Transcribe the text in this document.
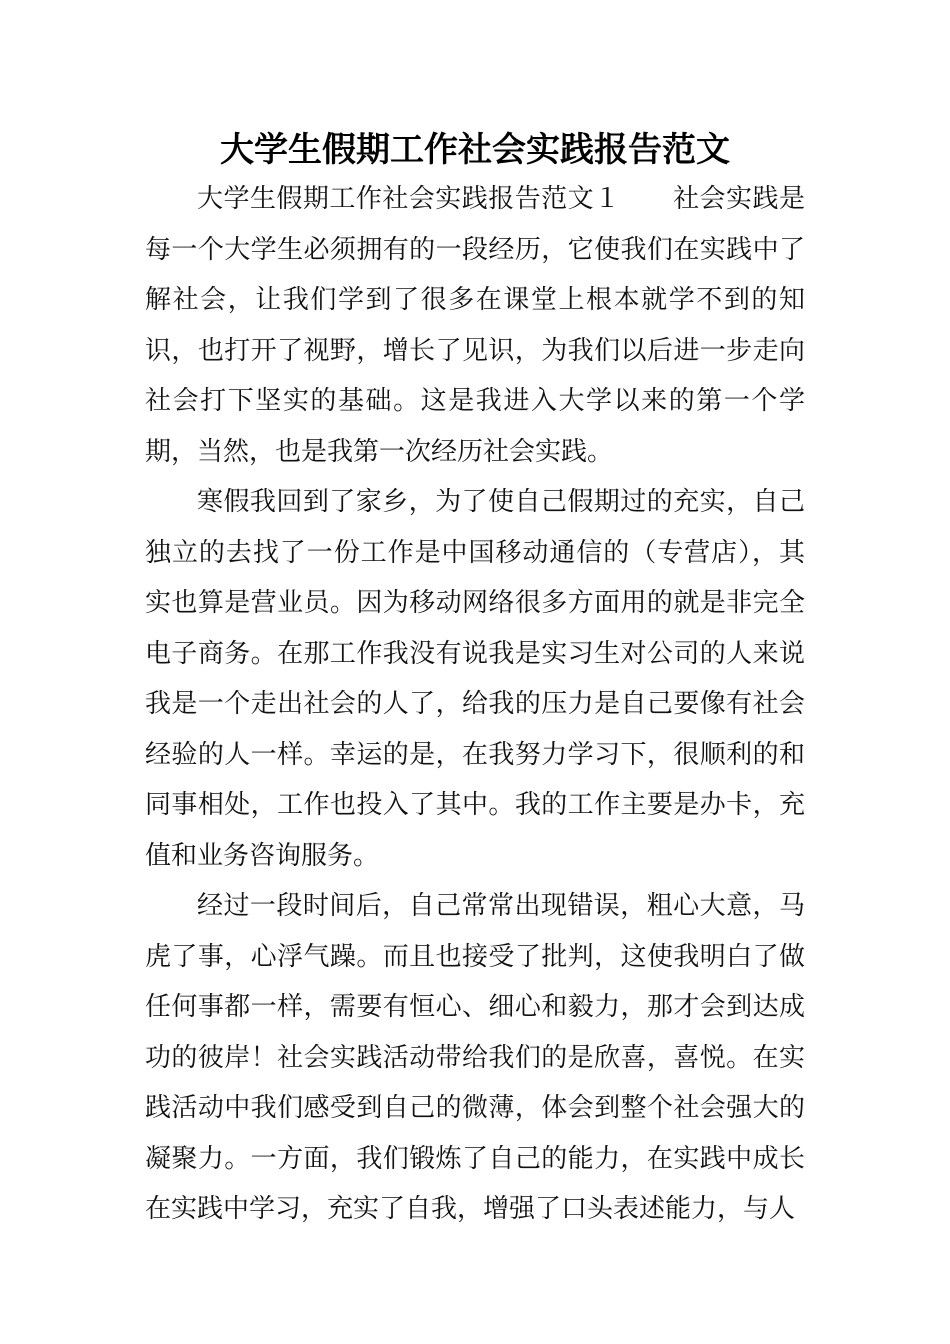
大学生假期工作社会实践报告范文

大学生假期工作社会实践报告范文１ 社会实践是每一个大学生必须拥有的一段经历，它使我们在实践中了解社会，让我们学到了很多在课堂上根本就学不到的知识，也打开了视野，增长了见识，为我们以后进一步走向社会打下坚实的基础。这是我进入大学以来的第一个学期，当然，也是我第一次经历社会实践。

寒假我回到了家乡，为了使自己假期过的充实，自己独立的去找了一份工作是中国移动通信的（专营店），其实也算是营业员。因为移动网络很多方面用的就是非完全电子商务。在那工作我没有说我是实习生对公司的人来说我是一个走出社会的人了，给我的压力是自己要像有社会经验的人一样。幸运的是，在我努力学习下，很顺利的和同事相处，工作也投入了其中。我的工作主要是办卡，充值和业务咨询服务。

经过一段时间后，自己常常出现错误，粗心大意，马虎了事，心浮气躁。而且也接受了批判，这使我明白了做任何事都一样，需要有恒心、细心和毅力，那才会到达成功的彼岸！社会实践活动带给我们的是欣喜，喜悦。在实践活动中我们感受到自己的微薄，体会到整个社会强大的凝聚力。一方面，我们锻炼了自己的能力，在实践中成长在实践中学习，充实了自我，增强了口头表述能力，与人
